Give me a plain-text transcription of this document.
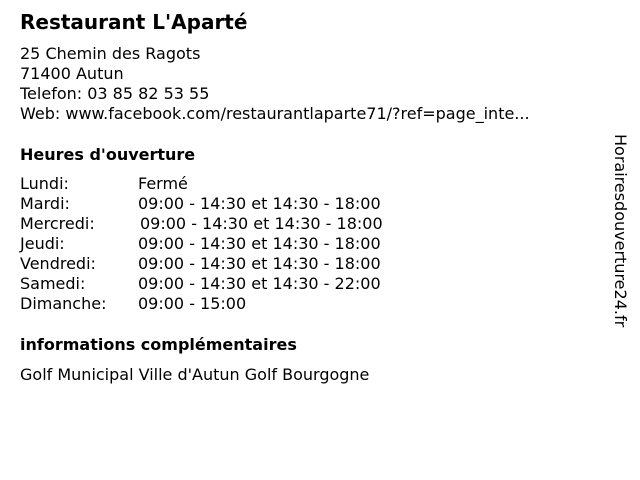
Restaurant L'Aparté
25 Chemin des Ragots
71400 Autun
Telefon: 03 85 82 53 55
Web: www.facebook.com/restaurantlaparte71/?ref=page_inte...
Heures d'ouverture
Lundi:	Fermé
Mardi:	09:00 - 14:30 et 14:30 - 18:00
Mercredi:	09:00 - 14:30 et 14:30 - 18:00
Jeudi:	09:00 - 14:30 et 14:30 - 18:00
Vendredi:	09:00 - 14:30 et 14:30 - 18:00
Samedi:	09:00 - 14:30 et 14:30 - 22:00
Dimanche: 09:00 - 15:00
informations complémentaires
Golf Municipal Ville d'Autun Golf Bourgogne
Horairesdouverture24.fr
